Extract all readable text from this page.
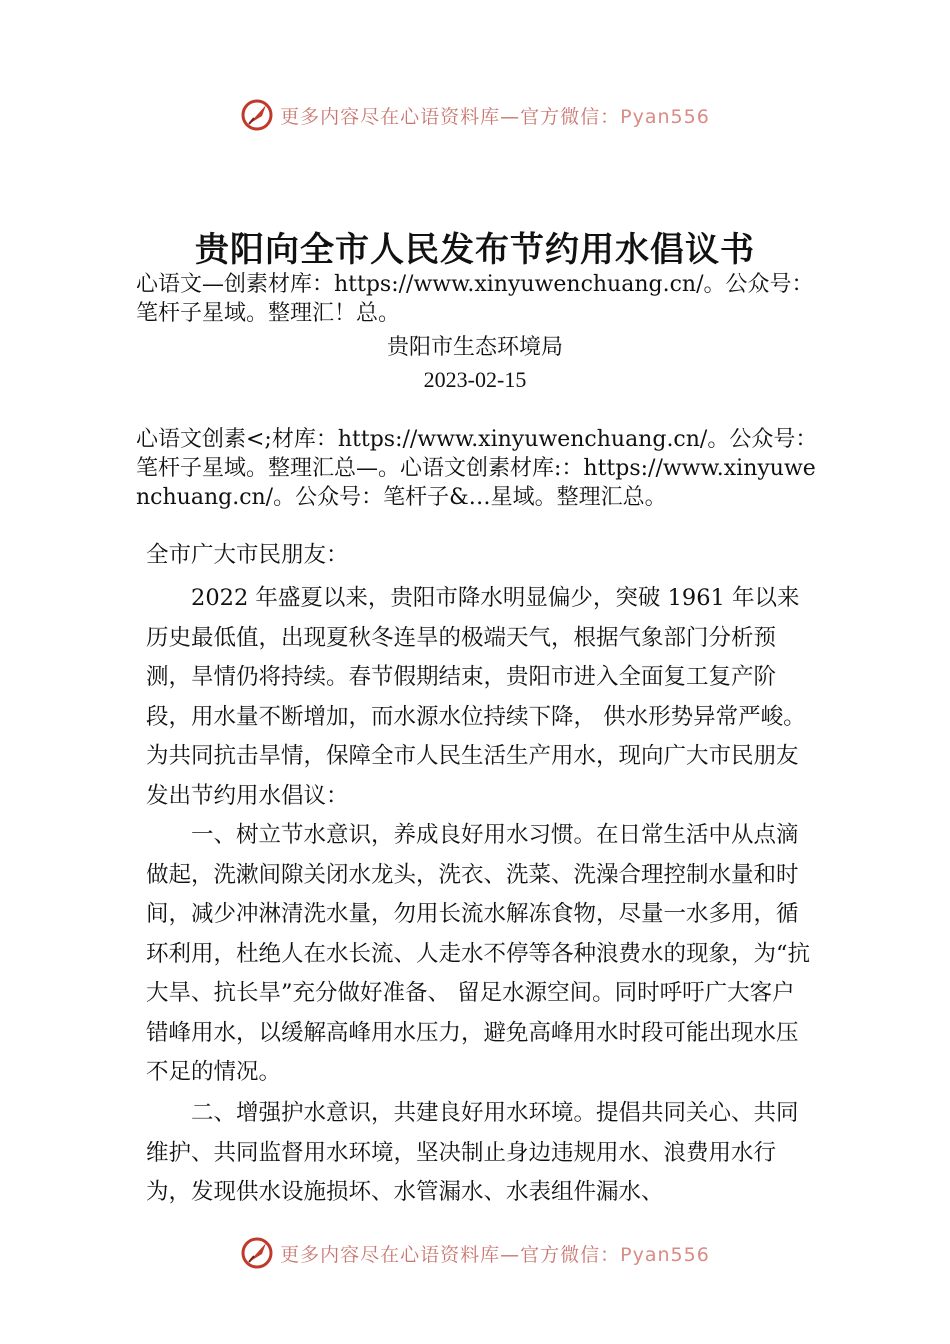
更多内容尽在心语资料库—官方微信：Pyan556
贵阳向全市人民发布节约用水倡议书
心语文—创素材库：https://www.xinyuwenchuang.cn/。公众号：笔杆子星域。整理汇！总。
贵阳市生态环境局
2023-02-15
心语文创素<;材库：https://www.xinyuwenchuang.cn/。公众号：笔杆子星域。整理汇总—。心语文创素材库:：https://www.xinyuwenchuang.cn/。公众号：笔杆子&…星域。整理汇总。
全市广大市民朋友：
2022 年盛夏以来，贵阳市降水明显偏少，突破 1961 年以来历史最低值，出现夏秋冬连旱的极端天气，根据气象部门分析预测，旱情仍将持续。春节假期结束，贵阳市进入全面复工复产阶段，用水量不断增加，而水源水位持续下降， 供水形势异常严峻。为共同抗击旱情，保障全市人民生活生产用水，现向广大市民朋友发出节约用水倡议：
一、树立节水意识，养成良好用水习惯。在日常生活中从点滴做起，洗漱间隙关闭水龙头，洗衣、洗菜、洗澡合理控制水量和时间，减少冲淋清洗水量，勿用长流水解冻食物，尽量一水多用，循环利用，杜绝人在水长流、人走水不停等各种浪费水的现象，为“抗大旱、抗长旱”充分做好准备、 留足水源空间。同时呼吁广大客户错峰用水，以缓解高峰用水压力，避免高峰用水时段可能出现水压不足的情况。
二、增强护水意识，共建良好用水环境。提倡共同关心、共同维护、共同监督用水环境，坚决制止身边违规用水、浪费用水行为，发现供水设施损坏、水管漏水、水表组件漏水、
更多内容尽在心语资料库—官方微信：Pyan556
